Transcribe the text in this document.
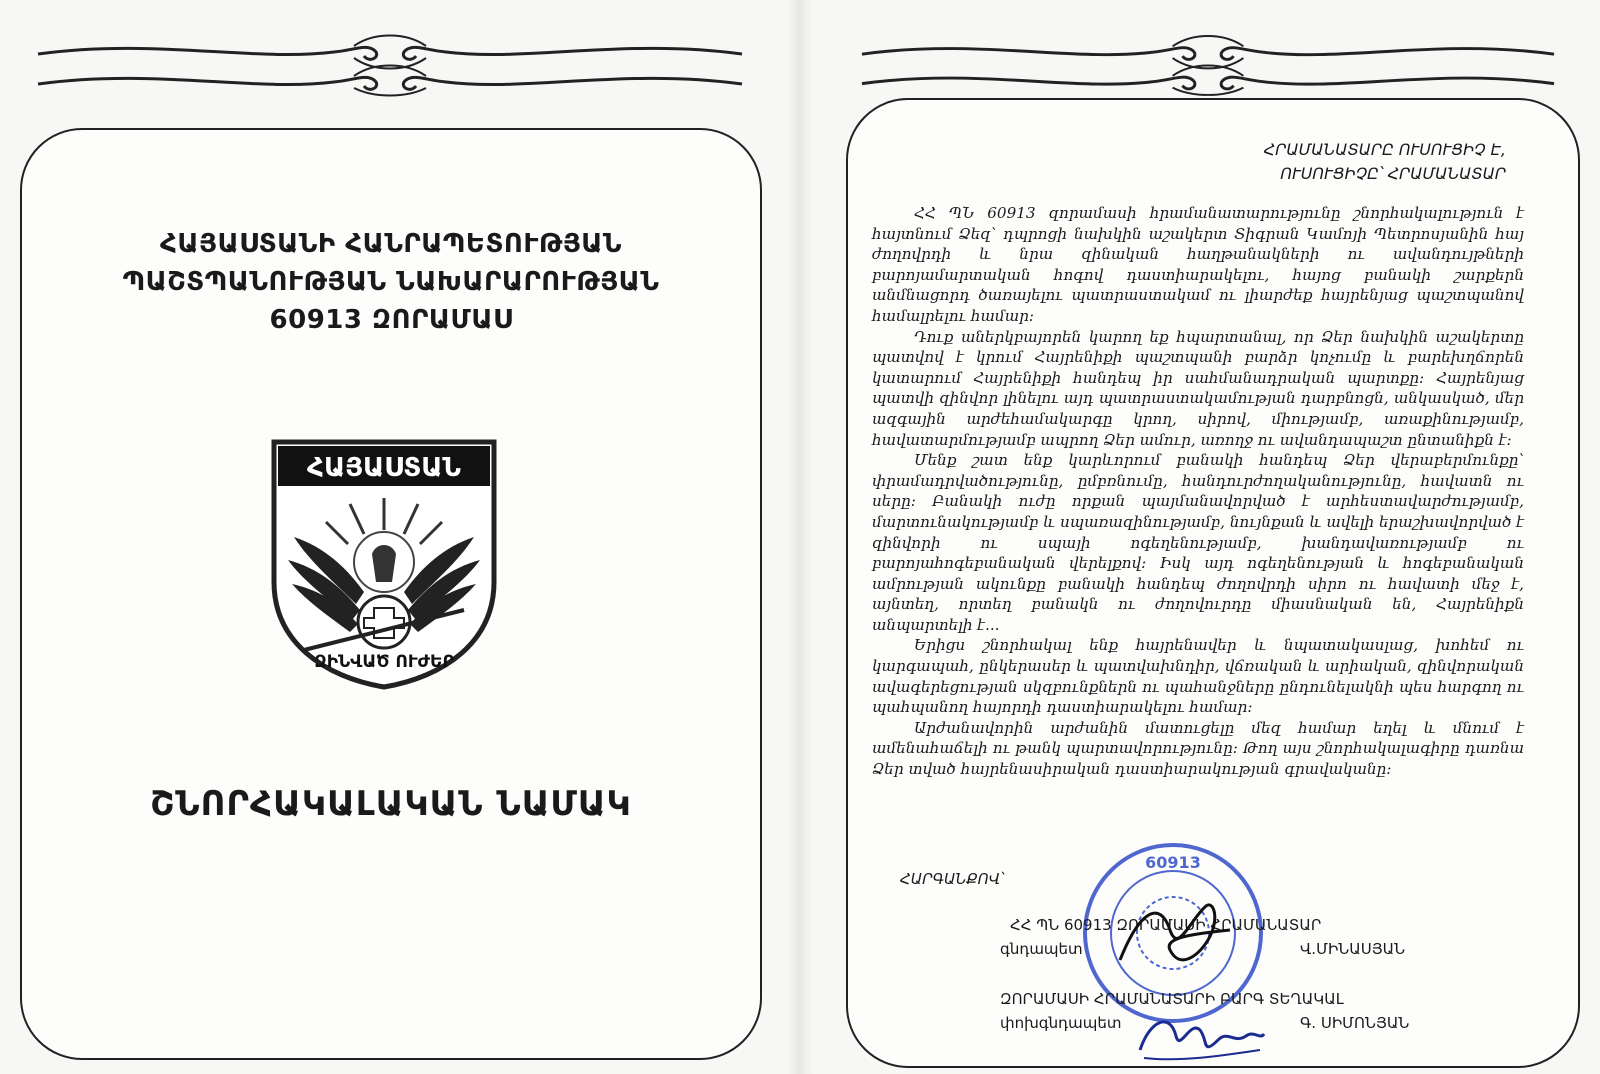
ՀԱՅԱՍՏԱՆԻ ՀԱՆՐԱՊԵՏՈՒԹՅԱՆ
ՊԱՇՏՊԱՆՈՒԹՅԱՆ ՆԱԽԱՐԱՐՈՒԹՅԱՆ
60913 ԶՈՐԱՄԱՍ
ՀԱՅԱՍՏԱՆ
ԶԻՆՎԱԾ ՈՒԺԵՐ
ՇՆՈՐՀԱԿԱԼԱԿԱՆ ՆԱՄԱԿ
ՀՐԱՄԱՆԱՏԱՐԸ ՈՒՍՈՒՑԻՉ Է,
ՈՒՍՈՒՑԻՉԸ՝ ՀՐԱՄԱՆԱՏԱՐ

ՀՀ ՊՆ 60913 զորամասի հրամանատարությունը շնորհակալություն է հայտնում Ձեզ՝ դպրոցի նախկին աշակերտ Տիգրան Կամոյի Պետրոսյանին հայ ժողովրդի և նրա զինական հաղթանակների ու ավանդույթների բարոյամարտական հոգով դաստիարակելու, հայոց բանակի շարքերն անմնացորդ ծառայելու պատրաստակամ ու լիարժեք հայրենյաց պաշտպանով համալրելու համար:

Դուք աներկբայորեն կարող եք հպարտանալ, որ Ձեր նախկին աշակերտը պատվով է կրում Հայրենիքի պաշտպանի բարձր կոչումը և բարեխղճորեն կատարում Հայրենիքի հանդեպ իր սահմանադրական պարտքը: Հայրենյաց պատվի զինվոր լինելու այդ պատրաստակամության դարբնոցն, անկասկած, մեր ազգային արժեհամակարգը կրող, սիրով, միությամբ, առաքինությամբ, հավատարմությամբ ապրող Ձեր ամուր, առողջ ու ավանդապաշտ ընտանիքն է:

Մենք շատ ենք կարևորում բանակի հանդեպ Ձեր վերաբերմունքը՝ փրամադրվածությունը, ըմբռնումը, հանդուրժողականությունը, հավատն ու սերը: Բանակի ուժը որքան պայմանավորված է արհեստավարժությամբ, մարտունակությամբ և սպառազինությամբ, նույնքան և ավելի երաշխավորված է զինվորի ու սպայի ոգեղենությամբ, խանդավառությամբ ու բարոյահոգեբանական վերելքով: Իսկ այդ ոգեղենության և հոգեբանական ամրության ակունքը բանակի հանդեպ ժողովրդի սիրո ու հավատի մեջ է, այնտեղ, որտեղ բանակն ու ժողովուրդը միասնական են, Հայրենիքն անպարտելի է...

Երիցս շնորհակալ ենք հայրենավեր և նպատակասլաց, խոհեմ ու կարգապահ, ընկերասեր և պատվախնդիր, վճռական և արիական, զինվորական ավագերեցության սկզբունքներն ու պահանջները ընդունելակնի պես հարգող ու պահպանող հայորդի դաստիարակելու համար:

Արժանավորին արժանին մատուցելը մեզ համար եղել և մնում է ամենահաճելի ու թանկ պարտավորությունը: Թող այս շնորհակալագիրը դառնա Ձեր տված հայրենասիրական դաստիարակության գրավականը:

ՀԱՐԳԱՆՔՈՎ՝
60913
ՀՀ ՊՆ 60913 ԶՈՐԱՄԱՍԻ ՀՐԱՄԱՆԱՏԱՐ
գնդապետ	Վ.ՄԻՆԱՍՅԱՆ
ԶՈՐԱՄԱՍԻ ՀՐԱՄԱՆԱՏԱՐԻ ԲԱՐԳ ՏԵՂԱԿԱԼ
փոխգնդապետ	Գ. ՍԻՄՈՆՅԱՆ
